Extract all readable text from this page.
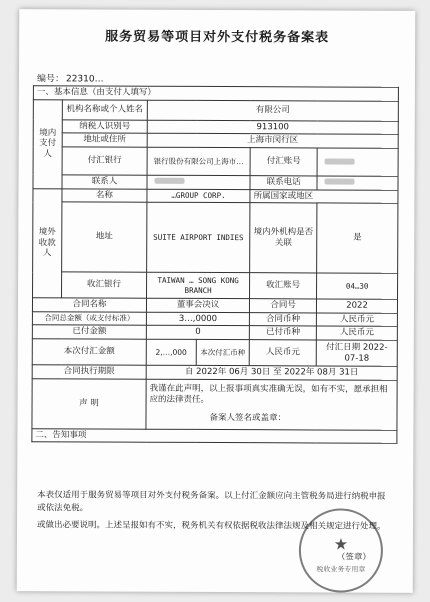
服务贸易等项目对外支付税务备案表
编号： 22310…
一、基本信息（由支付人填写）					
境内支付人	机构名称或个人姓名	有限公司			
	纳税人识别号	913100			
	地址或住所	上海市闵行区			
	付汇银行	银行股份有限公司上海市…		付汇账号	
	联系人			联系电话	
境外收款人	名称	…GROUP CORP.		所属国家或地区	
	地址	SUITE AIRPORT INDIES		境内外机构是否关联	是
	收汇银行	TAIWAN … SONG KONG BRANCH		收汇账号	04…30
合同名称		董事会决议		合同号	2022
合同总金额（或支付标准）		3…,0000		合同币种	人民币元
已付金额		0		已付币种	人民币元
本次付汇金额		2,…,000	本次付汇币种	人民币元	付汇日期 2022-07-18
合同执行期限		自 2022年 06月 30日 至 2022年 08月 31日			
声 明		我谨在此声明，以上报事项真实准确无误，如有不实，愿承担相应的法律责任。
备案人签名或盖章：			

二、告知事项					
本表仅适用于服务贸易等项目对外支付税务备案。以上付汇金额应向主管税务局进行纳税申报或依法免税。
或做出必要说明。上述呈报如有不实，税务机关有权依据税收法律法规及相关规定进行处理。
（签章）
★
税收业务专用章
